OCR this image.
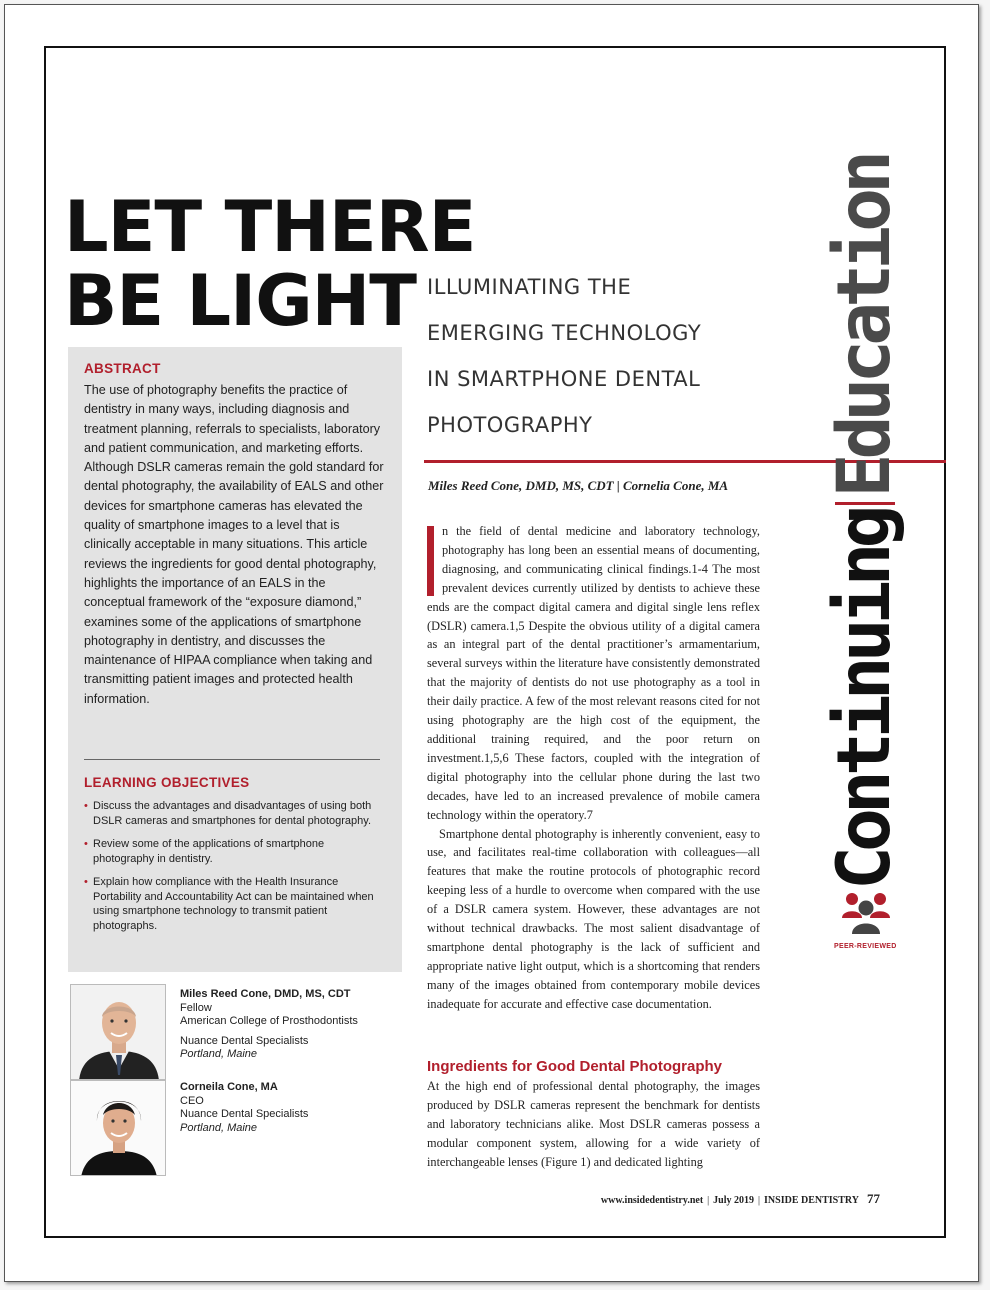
LET THERE
BE LIGHT ILLUMINATING THE
EMERGING TECHNOLOGY
IN SMARTPHONE DENTAL
PHOTOGRAPHY
Miles Reed Cone, DMD, MS, CDT | Cornelia Cone, MA
ABSTRACT
The use of photography benefits the practice of dentistry in many ways, including diagnosis and treatment planning, referrals to specialists, laboratory and patient communication, and marketing efforts. Although DSLR cameras remain the gold standard for dental photography, the availability of EALS and other devices for smartphone cameras has elevated the quality of smartphone images to a level that is clinically acceptable in many situations. This article reviews the ingredients for good dental photography, highlights the importance of an EALS in the conceptual framework of the “exposure diamond,” examines some of the applications of smartphone photography in dentistry, and discusses the maintenance of HIPAA compliance when taking and transmitting patient images and protected health information.
LEARNING OBJECTIVES
• Discuss the advantages and disadvantages of using both DSLR cameras and smartphones for dental photography.
• Review some of the applications of smartphone photography in dentistry.
• Explain how compliance with the Health Insurance Portability and Accountability Act can be maintained when using smartphone technology to transmit patient photographs.
Miles Reed Cone, DMD, MS, CDT
Fellow
American College of Prosthodontists
Nuance Dental Specialists
Portland, Maine
Corneila Cone, MA
CEO
Nuance Dental Specialists
Portland, Maine

n the field of dental medicine and laboratory technology, photography has long been an essential means of documenting, diagnosing, and communicating clinical findings.1-4 The most prevalent devices currently utilized by dentists to achieve these ends are the compact digital camera and digital single lens reflex (DSLR) camera.1,5 Despite the obvious utility of a digital camera as an integral part of the dental practitioner’s armamentarium, several surveys within the literature have consistently demonstrated that the majority of dentists do not use photography as a tool in their daily practice. A few of the most relevant reasons cited for not using photography are the high cost of the equipment, the additional training required, and the poor return on investment.1,5,6 These factors, coupled with the integration of digital photography into the cellular phone during the last two decades, have led to an increased prevalence of mobile camera technology within the operatory.7

Smartphone dental photography is inherently convenient, easy to use, and facilitates real-time collaboration with colleagues—all features that make the routine protocols of photographic record keeping less of a hurdle to overcome when compared with the use of a DSLR camera system. However, these advantages are not without technical drawbacks. The most salient disadvantage of smartphone dental photography is the lack of sufficient and appropriate native light output, which is a shortcoming that renders many of the images obtained from contemporary mobile devices inadequate for accurate and effective case documentation.

Ingredients for Good Dental Photography

At the high end of professional dental photography, the images produced by DSLR cameras represent the benchmark for dentists and laboratory technicians alike. Most DSLR cameras possess a modular component system, allowing for a wide variety of interchangeable lenses (Figure 1) and dedicated lighting

ContinuingEducation
PEER-REVIEWED
www.insidedentistry.net | July 2019 | INSIDE DENTISTRY 77
